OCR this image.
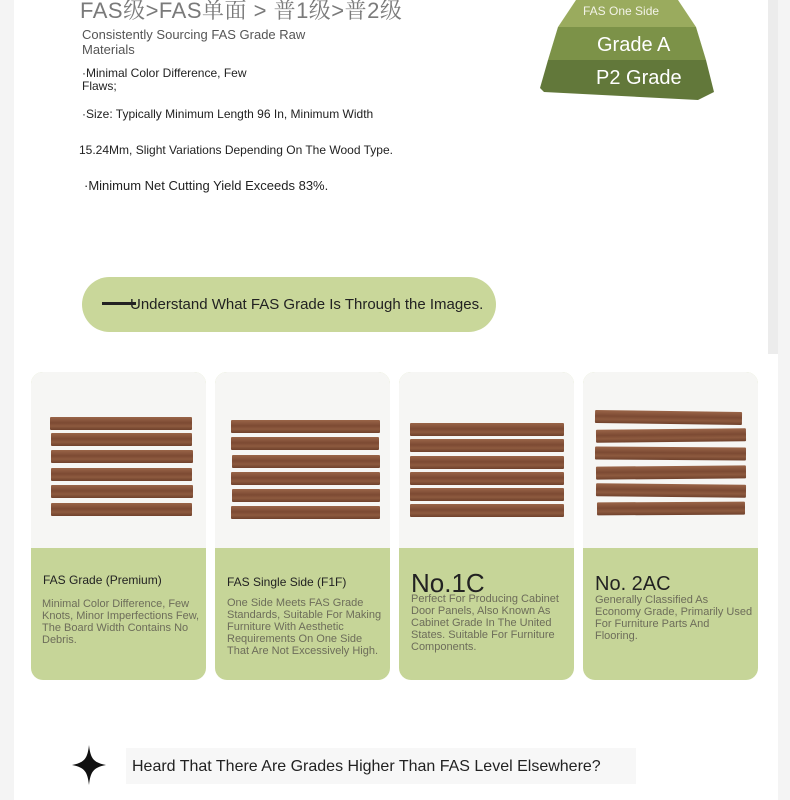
FAS级>FAS单面 > 普1级>普2级
Consistently Sourcing FAS Grade Raw Materials
·Minimal Color Difference, Few Flaws;
·Size: Typically Minimum Length 96 In, Minimum Width
15.24Mm, Slight Variations Depending On The Wood Type.
·Minimum Net Cutting Yield Exceeds 83%.
FAS One Side
Grade A
P2 Grade
Understand What FAS Grade Is Through the Images.
FAS Grade (Premium)
Minimal Color Difference, Few Knots, Minor Imperfections Few, The Board Width Contains No Debris.
FAS Single Side (F1F)
One Side Meets FAS Grade Standards, Suitable For Making Furniture With Aesthetic Requirements On One Side That Are Not Excessively High.
No.1C
Perfect For Producing Cabinet Door Panels, Also Known As Cabinet Grade In The United States. Suitable For Furniture Components.
No. 2AC
Generally Classified As Economy Grade, Primarily Used For Furniture Parts And Flooring.
Heard That There Are Grades Higher Than FAS Level Elsewhere?
